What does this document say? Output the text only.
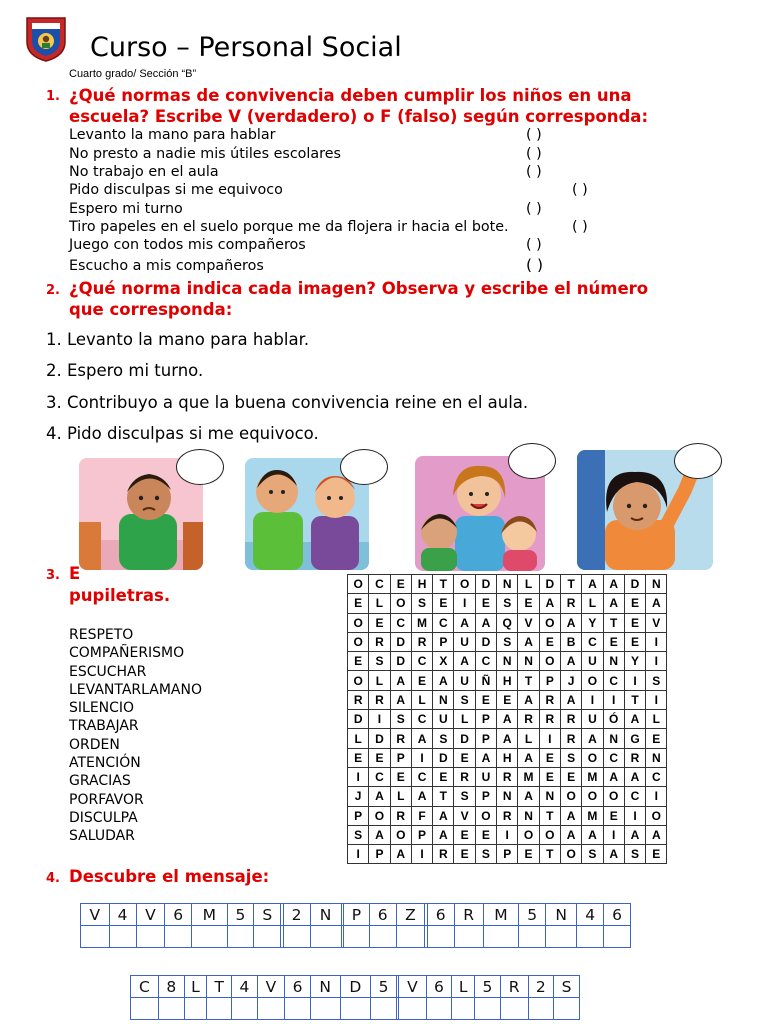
Curso – Personal Social
Cuarto grado/ Sección “B”
1. ¿Qué normas de convivencia deben cumplir los niños en una
escuela? Escribe V (verdadero) o F (falso) según corresponda:
Levanto la mano para hablar	( )
No presto a nadie mis útiles escolares	( )
No trabajo en el aula	( )
Pido disculpas si me equivoco	( )
Espero mi turno	( )
Tiro papeles en el suelo porque me da flojera ir hacia el bote.	( )
Juego con todos mis compañeros	( )
Escucho a mis compañeros	( )
2. ¿Qué norma indica cada imagen? Observa y escribe el número
que corresponda:
1. Levanto la mano para hablar.
2. Espero mi turno.
3. Contribuyo a que la buena convivencia reine en el aula.
4. Pido disculpas si me equivoco.
3. E
pupiletras.
RESPETO
COMPAÑERISMO
ESCUCHAR
LEVANTARLAMANO
SILENCIO
TRABAJAR
ORDEN
ATENCIÓN
GRACIAS
PORFAVOR
DISCULPA
SALUDAR
O	C	E	H	T	O	D	N	L	D	T	A	A	D	N
E	L	O	S	E	I	E	S	E	A	R	L	A	E	A
O	E	C	M	C	A	A	Q	V	O	A	Y	T	E	V
O	R	D	R	P	U	D	S	A	E	B	C	E	E	I
E	S	D	C	X	A	C	N	N	O	A	U	N	Y	I
O	L	A	E	A	U	Ñ	H	T	P	J	O	C	I	S
R	R	A	L	N	S	E	E	A	R	A	I	I	T	I
D	I	S	C	U	L	P	A	R	R	R	U	Ó	A	L
L	D	R	A	S	D	P	A	L	I	R	A	N	G	E
E	E	P	I	D	E	A	H	A	E	S	O	C	R	N
I	C	E	C	E	R	U	R	M	E	E	M	A	A	C
J	A	L	A	T	S	P	N	A	N	O	O	O	C	I
P	O	R	F	A	V	O	R	N	T	A	M	E	I	O
S	A	O	P	A	E	E	I	O	O	A	A	I	A	A
I	P	A	I	R	E	S	P	E	T	O	S	A	S	E
4. Descubre el mensaje:
V	4	V	6	M	5	S		2	N		P	6	Z		6	R	M	5	N	4	6

C	8	L	T	4	V	6	N	D	5		V	6	L	5	R	2	S
